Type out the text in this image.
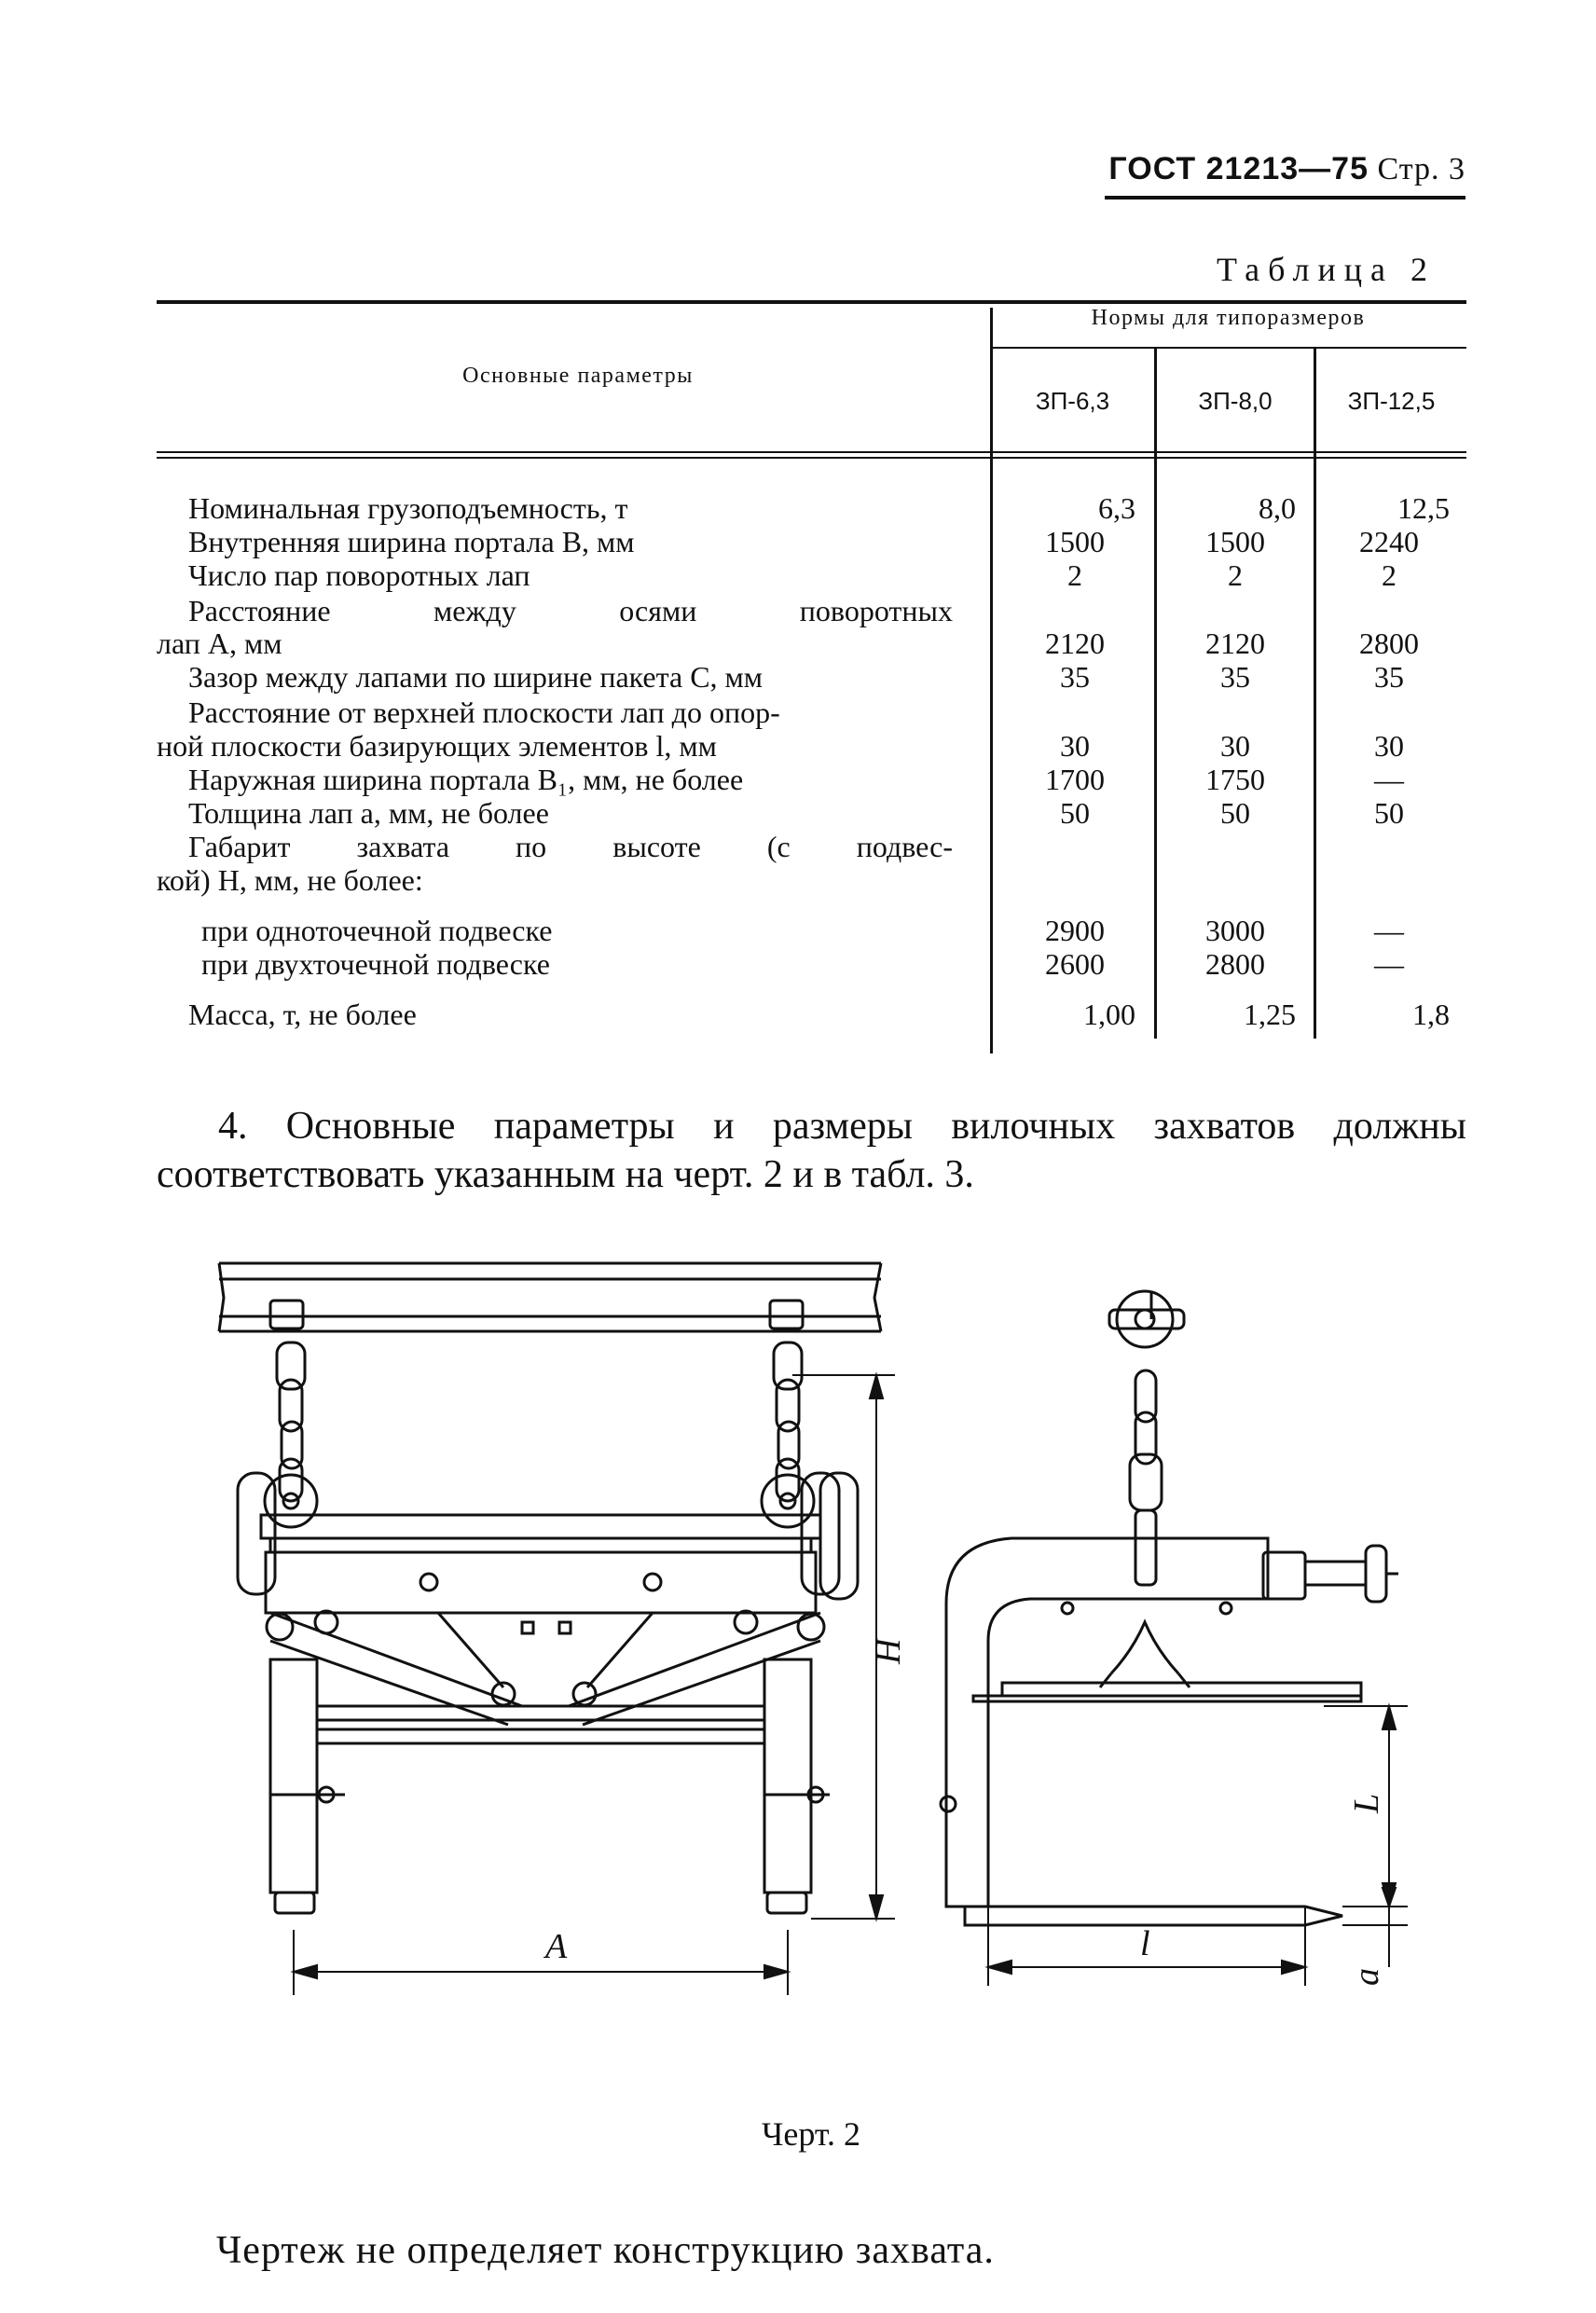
ГОСТ 21213—75 Стр. 3
Таблица 2
Основные параметры
Нормы для типоразмеров
ЗП-6,3	ЗП-8,0	ЗП-12,5
Номинальная грузоподъемность, т	6,3	8,0	12,5
Внутренняя ширина портала B, мм	1500	1500	2240
Число пар поворотных лап	2	2	2
Расстояние между осями поворотных
лап A, мм	2120	2120	2800
Зазор между лапами по ширине пакета C, мм	35	35	35
Расстояние от верхней плоскости лап до опор-
ной плоскости базирующих элементов l, мм	30	30	30
Наружная ширина портала B₁, мм, не более	1700	1750	—
Толщина лап a, мм, не более	50	50	50
Габарит захвата по высоте (с подвес-
кой) H, мм, не более:
при одноточечной подвеске	2900	3000	—
при двухточечной подвеске	2600	2800	—
Масса, т, не более	1,00	1,25	1,8
4. Основные параметры и размеры вилочных захватов должны соответствовать указанным на черт. 2 и в табл. 3.
A
H
l
L
a
Черт. 2
Чертеж не определяет конструкцию захвата.
